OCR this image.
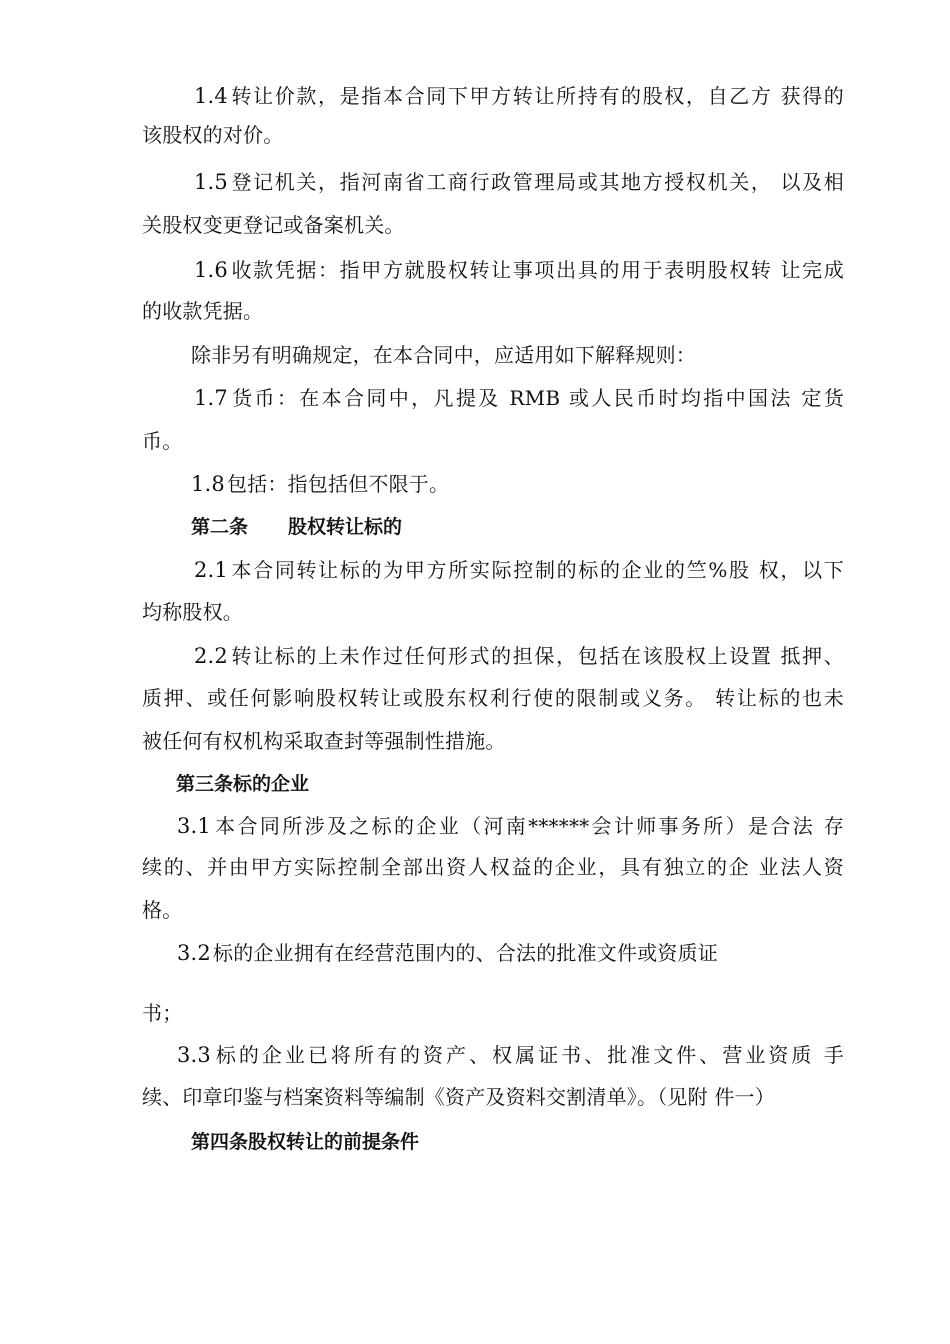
1.4 转让价款，是指本合同下甲方转让所持有的股权，自乙方 获得的
该股权的对价。
1.5 登记机关，指河南省工商行政管理局或其地方授权机关， 以及相
关股权变更登记或备案机关。
1.6 收款凭据：指甲方就股权转让事项出具的用于表明股权转 让完成
的收款凭据。
除非另有明确规定，在本合同中，应适用如下解释规则：
1.7 货币：在本合同中，凡提及 RMB 或人民币时均指中国法 定货
币。
1.8 包括：指包括但不限于。
第二条 股权转让标的
2.1 本合同转让标的为甲方所实际控制的标的企业的竺%股 权，以下
均称股权。
2.2 转让标的上未作过任何形式的担保，包括在该股权上设置 抵押、
质押、或任何影响股权转让或股东权利行使的限制或义务。 转让标的也未
被任何有权机构采取查封等强制性措施。
第三条标的企业
3.1 本合同所涉及之标的企业（河南******会计师事务所）是合法 存
续的、并由甲方实际控制全部出资人权益的企业，具有独立的企 业法人资
格。
3.2 标的企业拥有在经营范围内的、合法的批准文件或资质证
书；
3.3 标的企业已将所有的资产、权属证书、批准文件、营业资质 手
续、印章印鉴与档案资料等编制《资产及资料交割清单》。（见附 件一）
第四条股权转让的前提条件
